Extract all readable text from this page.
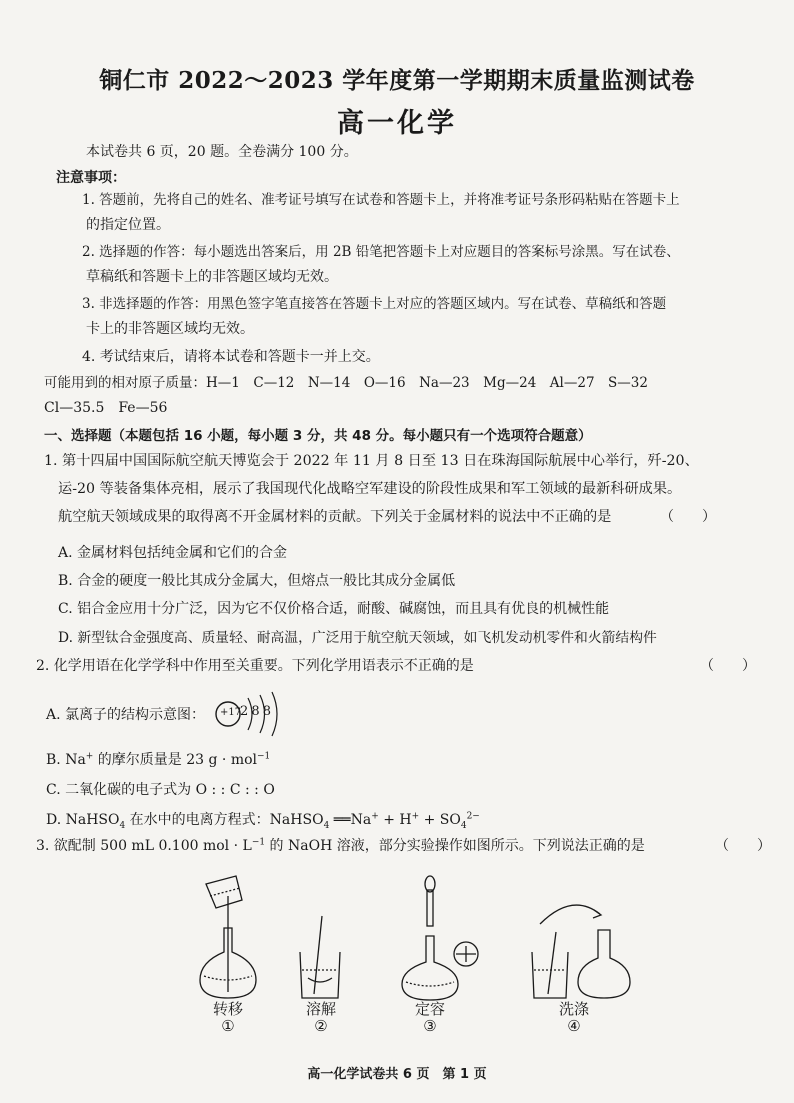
铜仁市 2022～2023 学年度第一学期期末质量监测试卷
高一化学
本试卷共 6 页，20 题。全卷满分 100 分。
注意事项：
1. 答题前，先将自己的姓名、准考证号填写在试卷和答题卡上，并将准考证号条形码粘贴在答题卡上
的指定位置。
2. 选择题的作答：每小题选出答案后，用 2B 铅笔把答题卡上对应题目的答案标号涂黑。写在试卷、
草稿纸和答题卡上的非答题区域均无效。
3. 非选择题的作答：用黑色签字笔直接答在答题卡上对应的答题区域内。写在试卷、草稿纸和答题
卡上的非答题区域均无效。
4. 考试结束后，请将本试卷和答题卡一并上交。
可能用到的相对原子质量：H—1　C—12　N—14　O—16　Na—23　Mg—24　Al—27　S—32
Cl—35.5　Fe—56
一、选择题（本题包括 16 小题，每小题 3 分，共 48 分。每小题只有一个选项符合题意）
1. 第十四届中国国际航空航天博览会于 2022 年 11 月 8 日至 13 日在珠海国际航展中心举行，歼-20、
运-20 等装备集体亮相，展示了我国现代化战略空军建设的阶段性成果和军工领域的最新科研成果。
航空航天领域成果的取得离不开金属材料的贡献。下列关于金属材料的说法中不正确的是	（　　）
A. 金属材料包括纯金属和它们的合金
B. 合金的硬度一般比其成分金属大，但熔点一般比其成分金属低
C. 铝合金应用十分广泛，因为它不仅价格合适，耐酸、碱腐蚀，而且具有优良的机械性能
D. 新型钛合金强度高、质量轻、耐高温，广泛用于航空航天领域，如飞机发动机零件和火箭结构件
2. 化学用语在化学学科中作用至关重要。下列化学用语表示不正确的是	（　　）
A. 氯离子的结构示意图： +17
2 8 8
B. Na+ 的摩尔质量是 23 g · mol$^{-1}$
C. 二氧化碳的电子式为 O : : C : : O
D. NaHSO$_4$ 在水中的电离方程式：NaHSO$_4$ ══Na+ + $H^+ + SO_4^{2-}$
3. 欲配制 500 mL 0.100 mol · $L^{-1}$ 的 NaOH 溶液，部分实验操作如图所示。下列说法正确的是	（　　）
转移	溶解	定容	洗涤
①	②	③	④
高一化学试卷共 6 页　第 1 页
